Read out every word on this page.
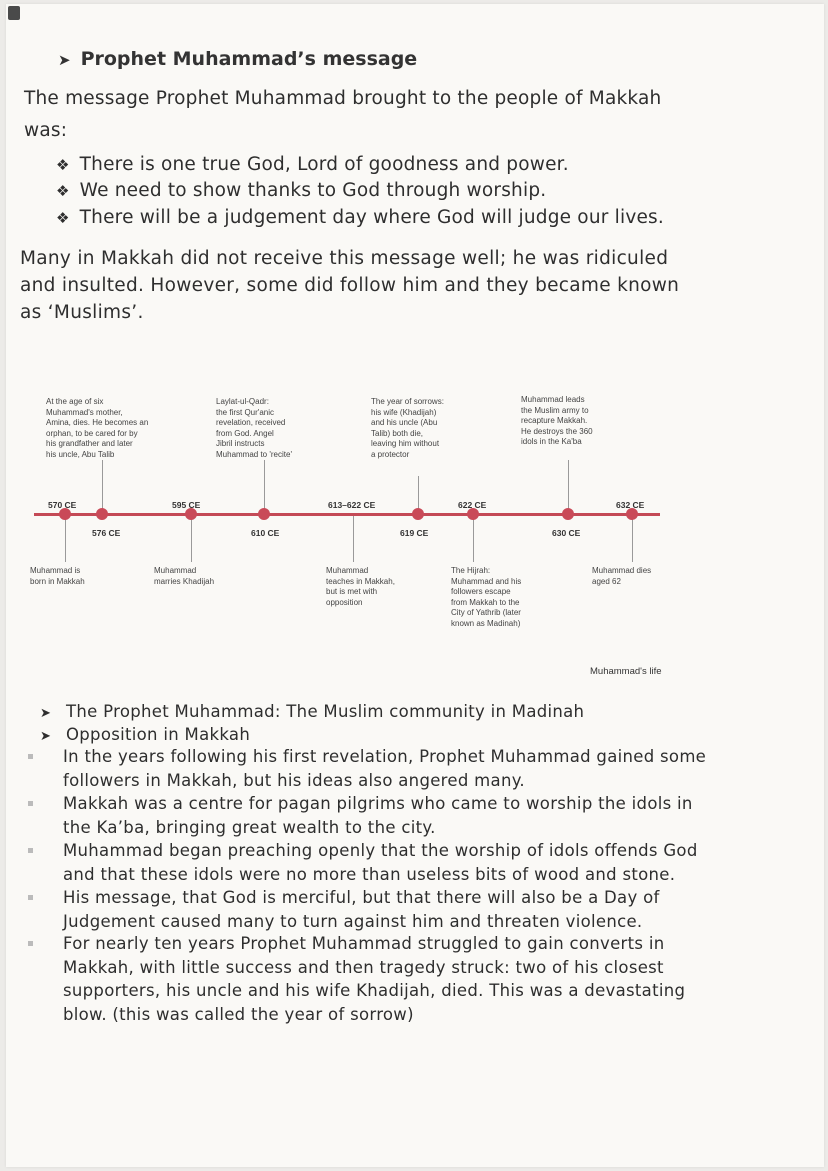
➤ Prophet Muhammad’s message
The message Prophet Muhammad brought to the people of Makkah
was:
❖ There is one true God, Lord of goodness and power.
❖ We need to show thanks to God through worship.
❖ There will be a judgement day where God will judge our lives.
Many in Makkah did not receive this message well; he was ridiculed
and insulted. However, some did follow him and they became known
as ‘Muslims’.
570 CE
576 CE
595 CE
610 CE
613–622 CE
619 CE
622 CE
630 CE
632 CE
At the age of six
Muhammad's mother,
Amina, dies. He becomes an
orphan, to be cared for by
his grandfather and later
his uncle, Abu Talib
Laylat-ul-Qadr:
the first Qur'anic
revelation, received
from God. Angel
Jibril instructs
Muhammad to 'recite'
The year of sorrows:
his wife (Khadijah)
and his uncle (Abu
Talib) both die,
leaving him without
a protector
Muhammad leads
the Muslim army to
recapture Makkah.
He destroys the 360
idols in the Ka'ba
Muhammad is
born in Makkah
Muhammad
marries Khadijah
Muhammad
teaches in Makkah,
but is met with
opposition
The Hijrah:
Muhammad and his
followers escape
from Makkah to the
City of Yathrib (later
known as Madinah)
Muhammad dies
aged 62
Muhammad's life
➤ The Prophet Muhammad: The Muslim community in Madinah
➤ Opposition in Makkah
In the years following his first revelation, Prophet Muhammad gained some
followers in Makkah, but his ideas also angered many.
Makkah was a centre for pagan pilgrims who came to worship the idols in
the Ka’ba, bringing great wealth to the city.
Muhammad began preaching openly that the worship of idols offends God
and that these idols were no more than useless bits of wood and stone.
His message, that God is merciful, but that there will also be a Day of
Judgement caused many to turn against him and threaten violence.
For nearly ten years Prophet Muhammad struggled to gain converts in
Makkah, with little success and then tragedy struck: two of his closest
supporters, his uncle and his wife Khadijah, died. This was a devastating
blow. (this was called the year of sorrow)
